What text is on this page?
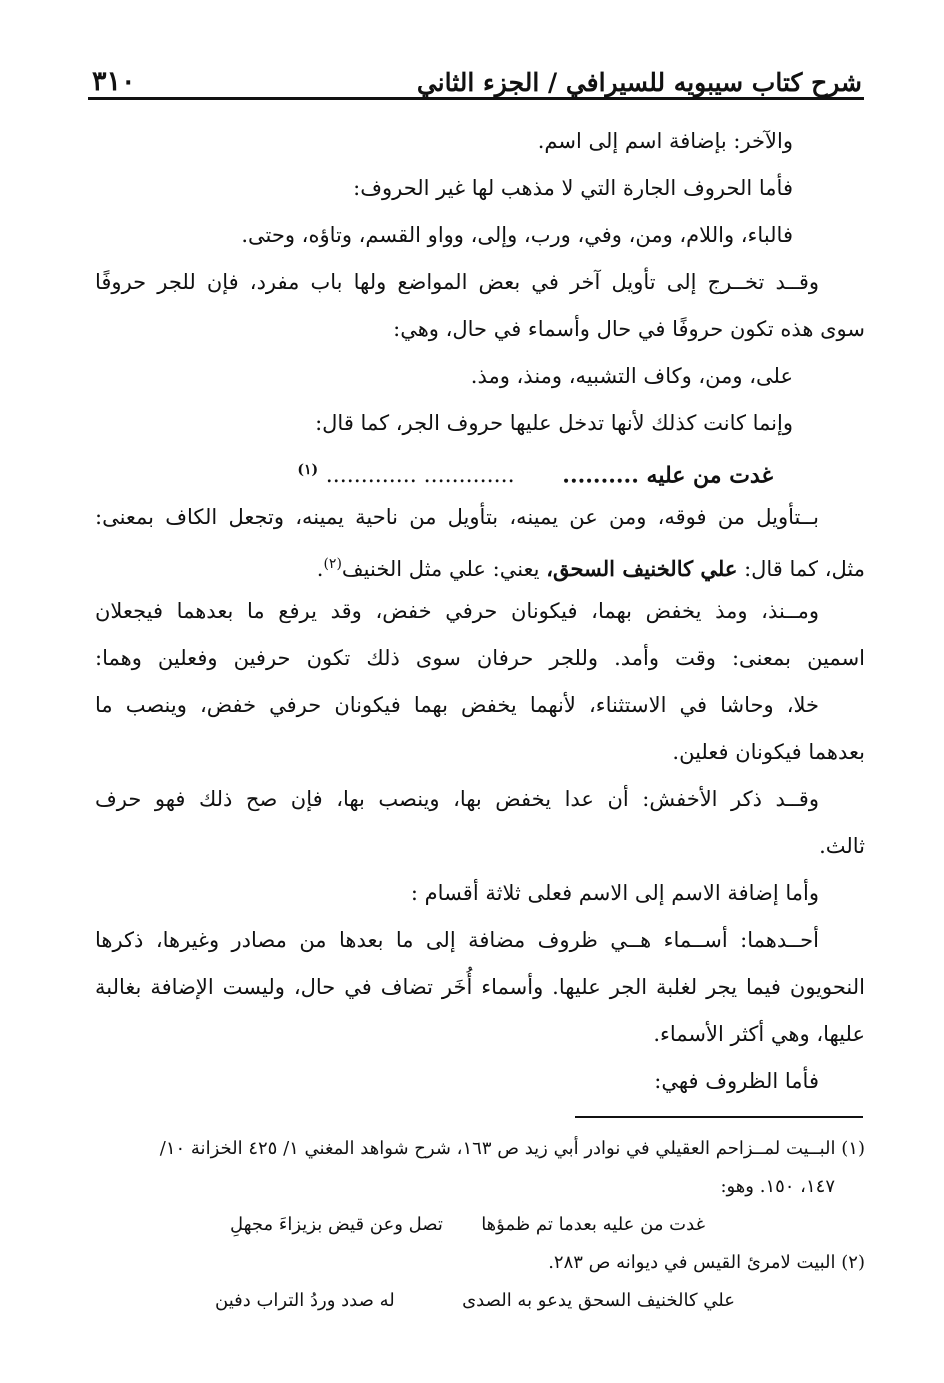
شرح كتاب سيبويه للسيرافي / الجزء الثاني
٣١٠
والآخر: بإضافة اسم إلى اسم.
فأما الحروف الجارة التي لا مذهب لها غير الحروف:
فالباء، واللام، ومن، وفي، ورب، وإلى، وواو القسم، وتاؤه، وحتى.
وقــد تخــرج إلى تأويل آخر في بعض المواضع ولها باب مفرد، فإن للجر حروفًا
سوى هذه تكون حروفًا في حال وأسماء في حال، وهي:
على، ومن، وكاف التشبيه، ومنذ، ومذ.
وإنما كانت كذلك لأنها تدخل عليها حروف الجر، كما قال:
غدت من عليه .......... ............. ............. $^{(١)}$
بــتأويل من فوقه، ومن عن يمينه، بتأويل من ناحية يمينه، وتجعل الكاف بمعنى:
مثل، كما قال: علي كالخنيف السحق، يعني: علي مثل الخنيف$^{(٢)}$.
ومــنذ، ومذ يخفض بهما، فيكونان حرفي خفض، وقد يرفع ما بعدهما فيجعلان
اسمين بمعنى: وقت وأمد. وللجر حرفان سوى ذلك تكون حرفين وفعلين وهما:
خلا، وحاشا في الاستثناء، لأنهما يخفض بهما فيكونان حرفي خفض، وينصب ما
بعدهما فيكونان فعلين.
وقــد ذكر الأخفش: أن عدا يخفض بها، وينصب بها، فإن صح ذلك فهو حرف
ثالث.
وأما إضافة الاسم إلى الاسم فعلى ثلاثة أقسام :
أحــدهما: أســماء هــي ظروف مضافة إلى ما بعدها من مصادر وغيرها، ذكرها
النحويون فيما يجر لغلبة الجر عليها. وأسماء أُخَر تضاف في حال، وليست الإضافة بغالبة
عليها، وهي أكثر الأسماء.
فأما الظروف فهي:
(١) البــيت لمــزاحم العقيلي في نوادر أبي زيد ص ١٦٣، شرح شواهد المغني ١/ ٤٢٥ الخزانة ١٠/
١٤٧، ١٥٠. وهو:
غدت من عليه بعدما تم ظمؤها
تصل وعن قيض بزيزاءَ مجهلِ
(٢) البيت لامرئ القيس في ديوانه ص ٢٨٣.
علي كالخنيف السحق يدعو به الصدى
له صدد وردُ التراب دفين
